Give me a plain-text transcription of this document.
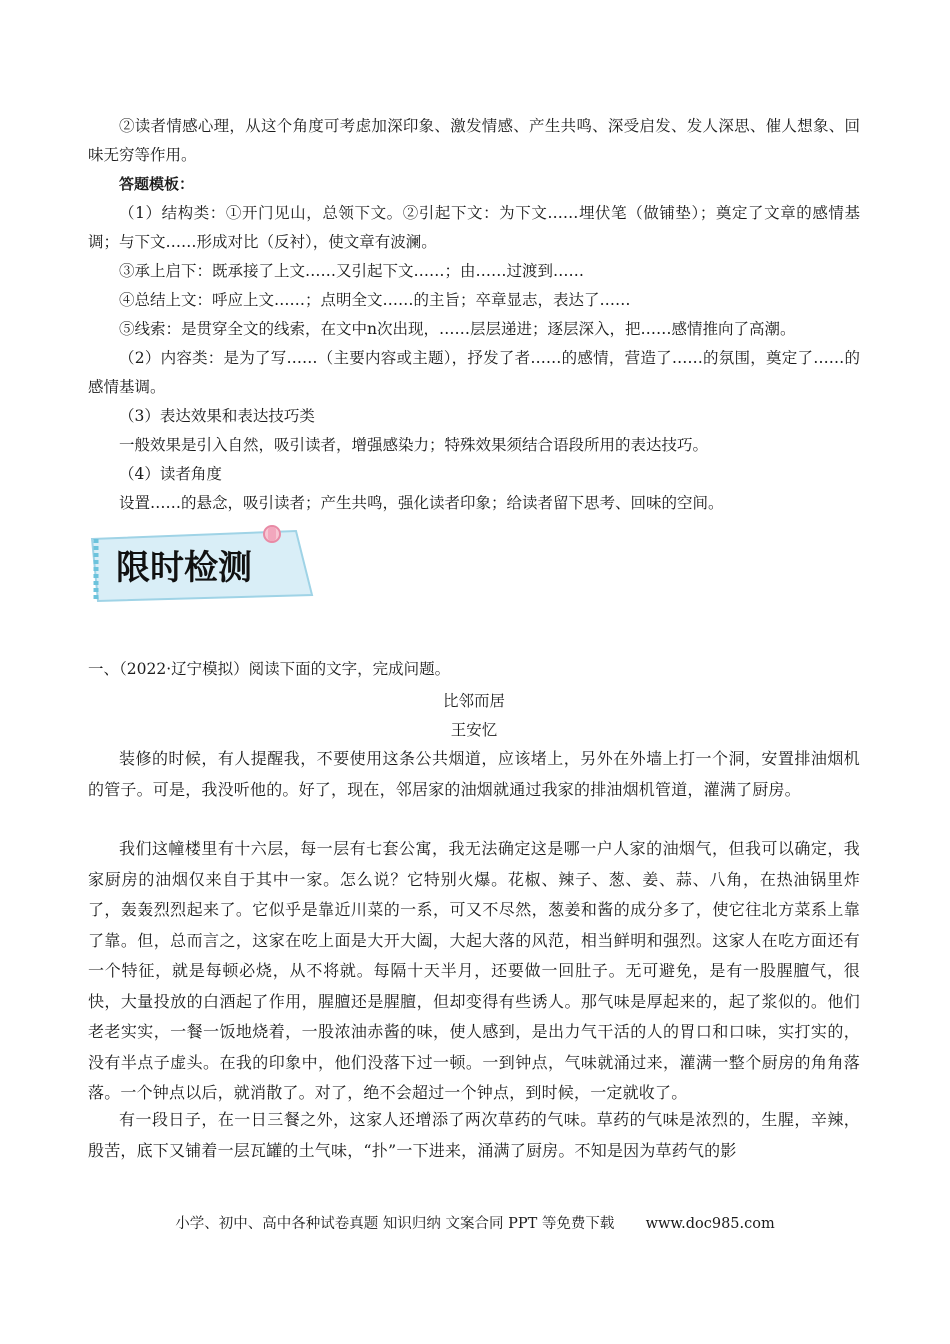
②读者情感心理，从这个角度可考虑加深印象、激发情感、产生共鸣、深受启发、发人深思、催人想象、回味无穷等作用。

答题模板：

（1）结构类：①开门见山，总领下文。②引起下文：为下文……埋伏笔（做铺垫）；奠定了文章的感情基调；与下文……形成对比（反衬），使文章有波澜。

③承上启下：既承接了上文……又引起下文……；由……过渡到……

④总结上文：呼应上文……；点明全文……的主旨；卒章显志，表达了……

⑤线索：是贯穿全文的线索，在文中n次出现，……层层递进；逐层深入，把……感情推向了高潮。

（2）内容类：是为了写……（主要内容或主题），抒发了者……的感情，营造了……的氛围，奠定了……的感情基调。

（3）表达效果和表达技巧类

一般效果是引入自然，吸引读者，增强感染力；特殊效果须结合语段所用的表达技巧。

（4）读者角度

设置……的悬念，吸引读者；产生共鸣，强化读者印象；给读者留下思考、回味的空间。

限时检测

一、（2022·辽宁模拟）阅读下面的文字，完成问题。

比邻而居

王安忆

装修的时候，有人提醒我，不要使用这条公共烟道，应该堵上，另外在外墙上打一个洞，安置排油烟机的管子。可是，我没听他的。好了，现在，邻居家的油烟就通过我家的排油烟机管道，灌满了厨房。

我们这幢楼里有十六层，每一层有七套公寓，我无法确定这是哪一户人家的油烟气，但我可以确定，我家厨房的油烟仅来自于其中一家。怎么说？它特别火爆。花椒、辣子、葱、姜、蒜、八角，在热油锅里炸了，轰轰烈烈起来了。它似乎是靠近川菜的一系，可又不尽然，葱姜和酱的成分多了，使它往北方菜系上靠了靠。但，总而言之，这家在吃上面是大开大阖，大起大落的风范，相当鲜明和强烈。这家人在吃方面还有一个特征，就是每顿必烧，从不将就。每隔十天半月，还要做一回肚子。无可避免，是有一股腥膻气，很快，大量投放的白酒起了作用，腥膻还是腥膻，但却变得有些诱人。那气味是厚起来的，起了浆似的。他们老老实实，一餐一饭地烧着，一股浓油赤酱的味，使人感到，是出力气干活的人的胃口和口味，实打实的，没有半点子虚头。在我的印象中，他们没落下过一顿。一到钟点，气味就涌过来，灌满一整个厨房的角角落落。一个钟点以后，就消散了。对了，绝不会超过一个钟点，到时候，一定就收了。

有一段日子，在一日三餐之外，这家人还增添了两次草药的气味。草药的气味是浓烈的，生腥，辛辣，殷苦，底下又铺着一层瓦罐的土气味，“扑”一下进来，涌满了厨房。不知是因为草药气的影

小学、初中、高中各种试卷真题 知识归纳 文案合同 PPT 等免费下载 www.doc985.com
